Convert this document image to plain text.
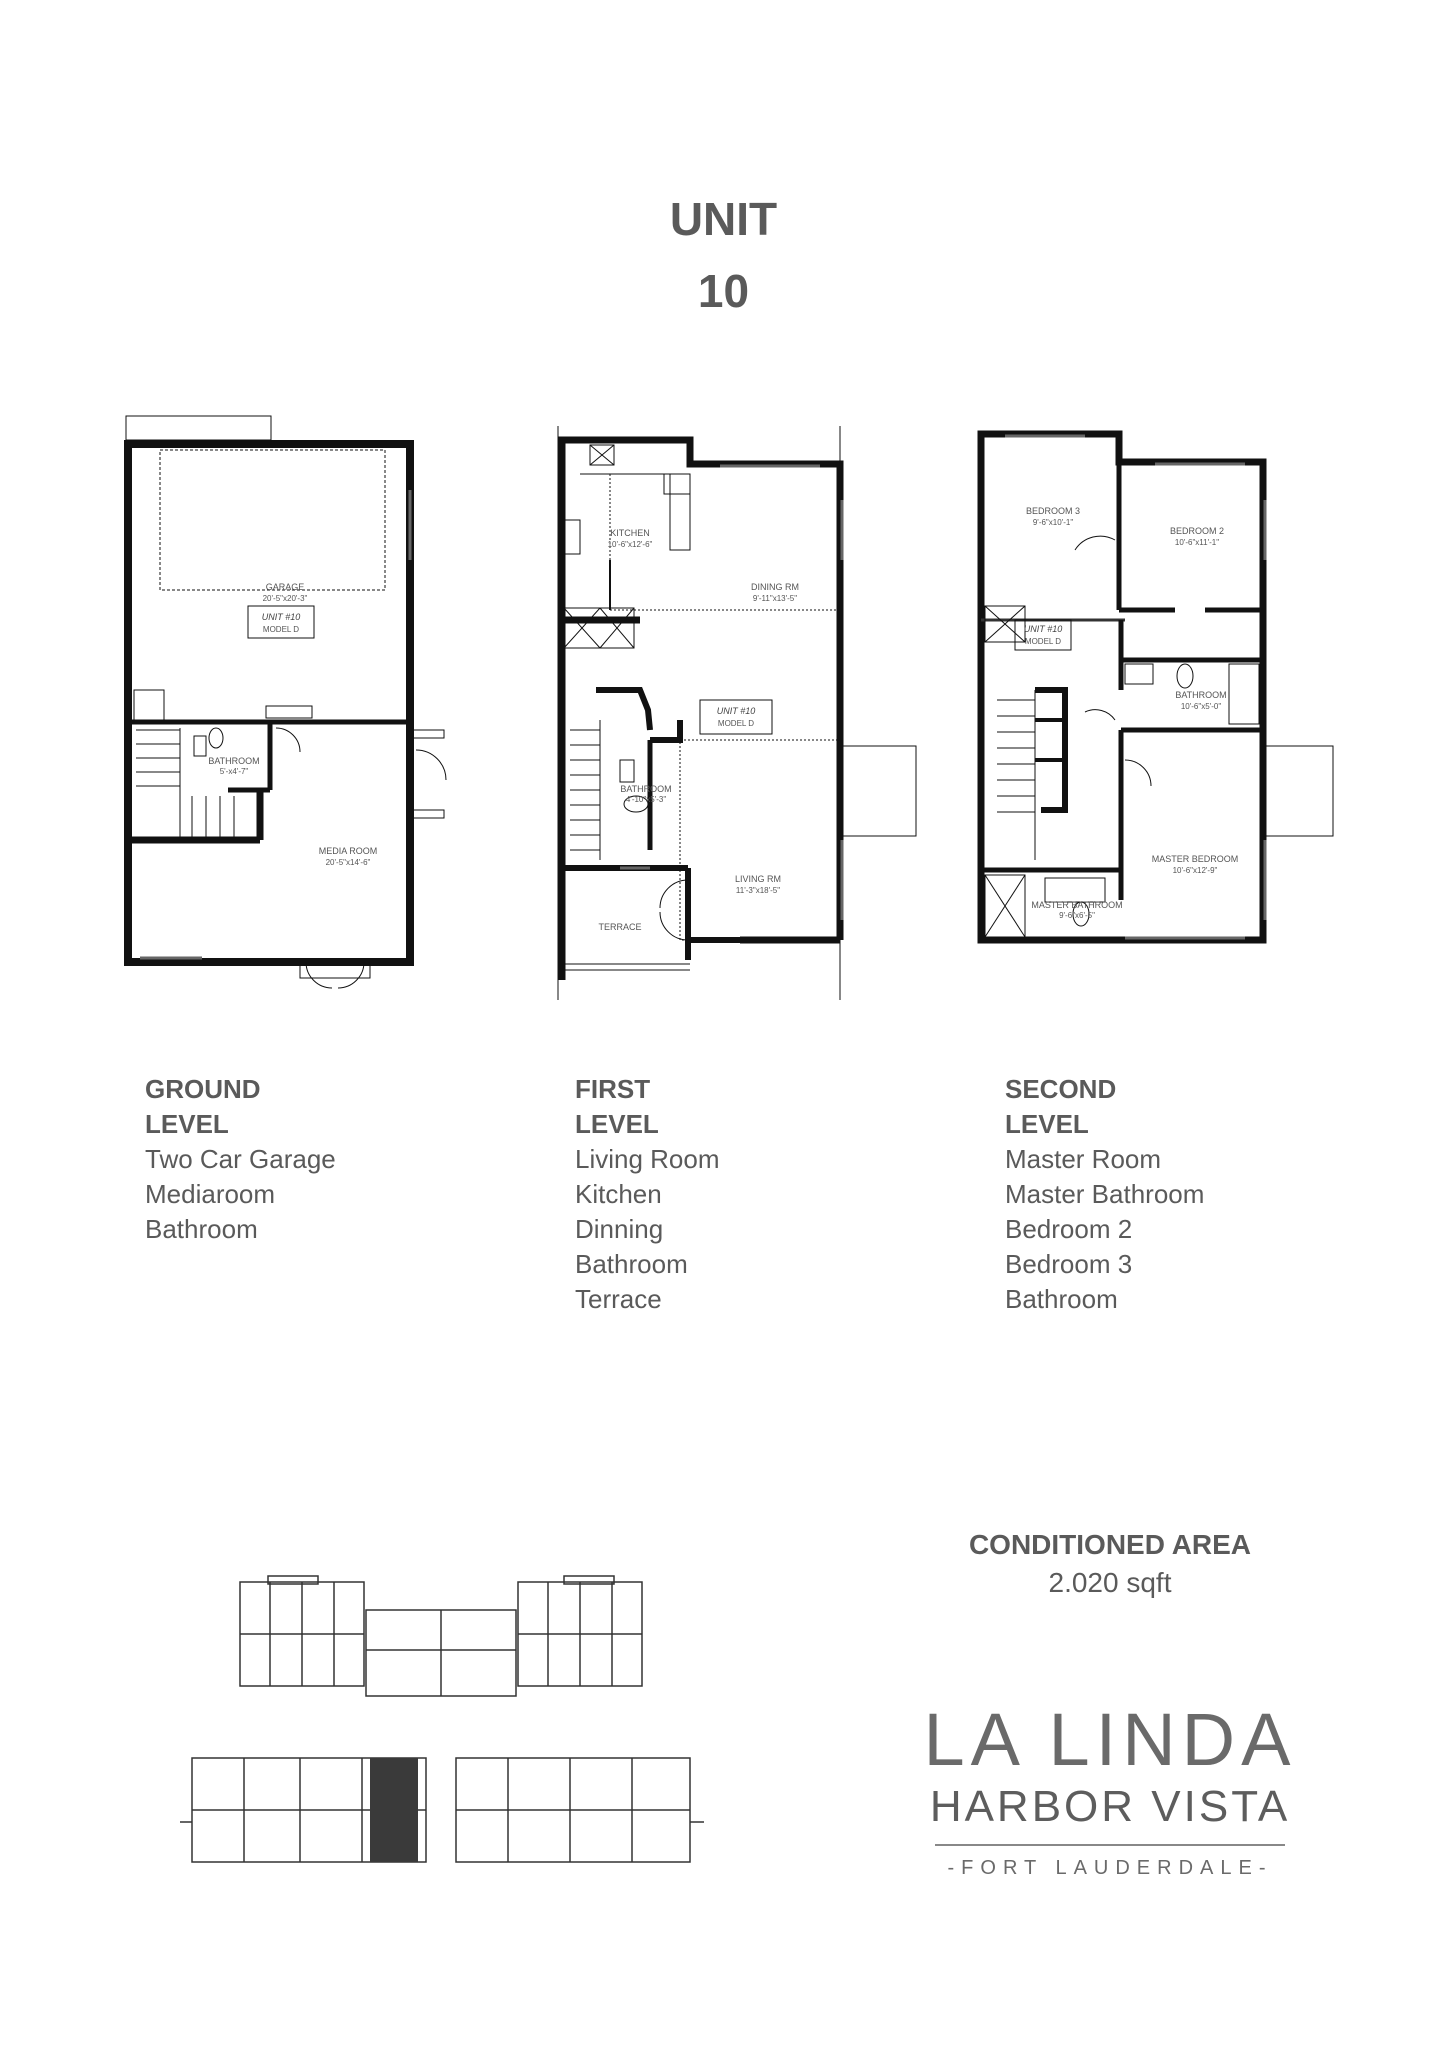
UNIT
10
GARAGE
20'-5"x20'-3"
UNIT #10
MODEL D
BATHROOM
5'-x4'-7"
MEDIA ROOM
20'-5"x14'-6"
KITCHEN
10'-6"x12'-6"
DINING RM
9'-11"x13'-5"
UNIT #10
MODEL D
BATHROOM
4'-10"x5'-3"
LIVING RM
11'-3"x18'-5"
TERRACE
BEDROOM 3
9'-6"x10'-1"
BEDROOM 2
10'-6"x11'-1"
UNIT #10
MODEL D
BATHROOM
10'-6"x5'-0"
MASTER BEDROOM
10'-6"x12'-9"
MASTER BATHROOM
9'-6"x6'-5"
GROUND
LEVEL
Two Car Garage
Mediaroom
Bathroom
FIRST
LEVEL
Living Room
Kitchen
Dinning
Bathroom
Terrace
SECOND
LEVEL
Master Room
Master Bathroom
Bedroom 2
Bedroom 3
Bathroom
CONDITIONED AREA
2.020 sqft
LA LINDA
HARBOR VISTA
-FORT LAUDERDALE-
